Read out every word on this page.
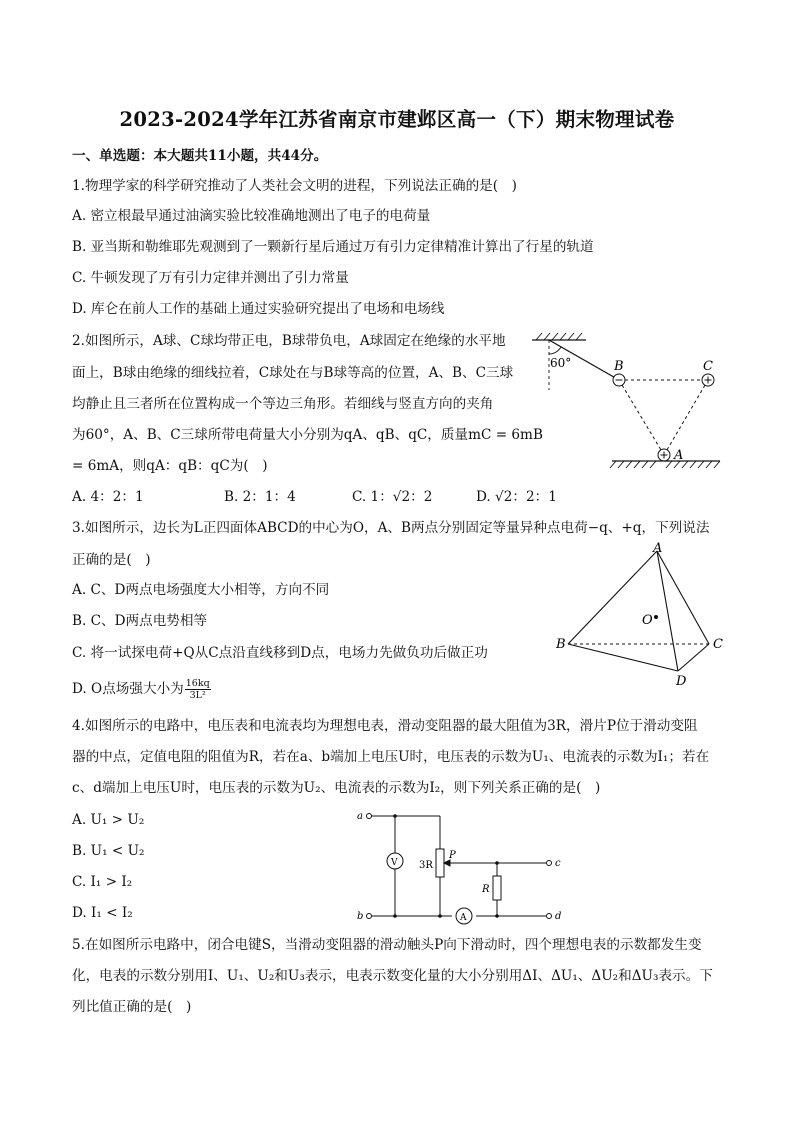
2023-2024学年江苏省南京市建邺区高一（下）期末物理试卷
一、单选题：本大题共11小题，共44分。
1.物理学家的科学研究推动了人类社会文明的进程，下列说法正确的是(　)
A. 密立根最早通过油滴实验比较准确地测出了电子的电荷量
B. 亚当斯和勒维耶先观测到了一颗新行星后通过万有引力定律精准计算出了行星的轨道
C. 牛顿发现了万有引力定律并测出了引力常量
D. 库仑在前人工作的基础上通过实验研究提出了电场和电场线
2.如图所示，A球、C球均带正电，B球带负电，A球固定在绝缘的水平地
面上，B球由绝缘的细线拉着，C球处在与B球等高的位置，A、B、C三球
均静止且三者所在位置构成一个等边三角形。若细线与竖直方向的夹角
为60°，A、B、C三球所带电荷量大小分别为qA、qB、qC，质量mC = 6mB
= 6mA，则qA：qB：qC为(　)
A. 4：2：1	B. 2：1：4	C. 1：√2：2	D. √2：2：1
60°	B	C
A
3.如图所示，边长为L正四面体ABCD的中心为O，A、B两点分别固定等量异种点电荷−q、+q，下列说法
正确的是(　)
A. C、D两点电场强度大小相等，方向不同
B. C、D两点电势相等
C. 将一试探电荷+Q从C点沿直线移到D点，电场力先做负功后做正功
D. O点场强大小为 $\frac{16kq}{\text{3L²}}$
A
B	C
D
O
4.如图所示的电路中，电压表和电流表均为理想电表，滑动变阻器的最大阻值为3R，滑片P位于滑动变阻
器的中点，定值电阻的阻值为R，若在a、b端加上电压U时，电压表的示数为U₁、电流表的示数为I₁；若在
c、d端加上电压U时，电压表的示数为U₂、电流表的示数为I₂，则下列关系正确的是(　)
A. U₁ > U₂
B. U₁ < U₂
C. I₁ > I₂
D. I₁ < I₂
a
b
c
d
V
A
3R
P
R
5.在如图所示电路中，闭合电键S，当滑动变阻器的滑动触头P向下滑动时，四个理想电表的示数都发生变
化，电表的示数分别用I、U₁、U₂和U₃表示，电表示数变化量的大小分别用ΔI、ΔU₁、ΔU₂和ΔU₃表示。下
列比值正确的是(　)
